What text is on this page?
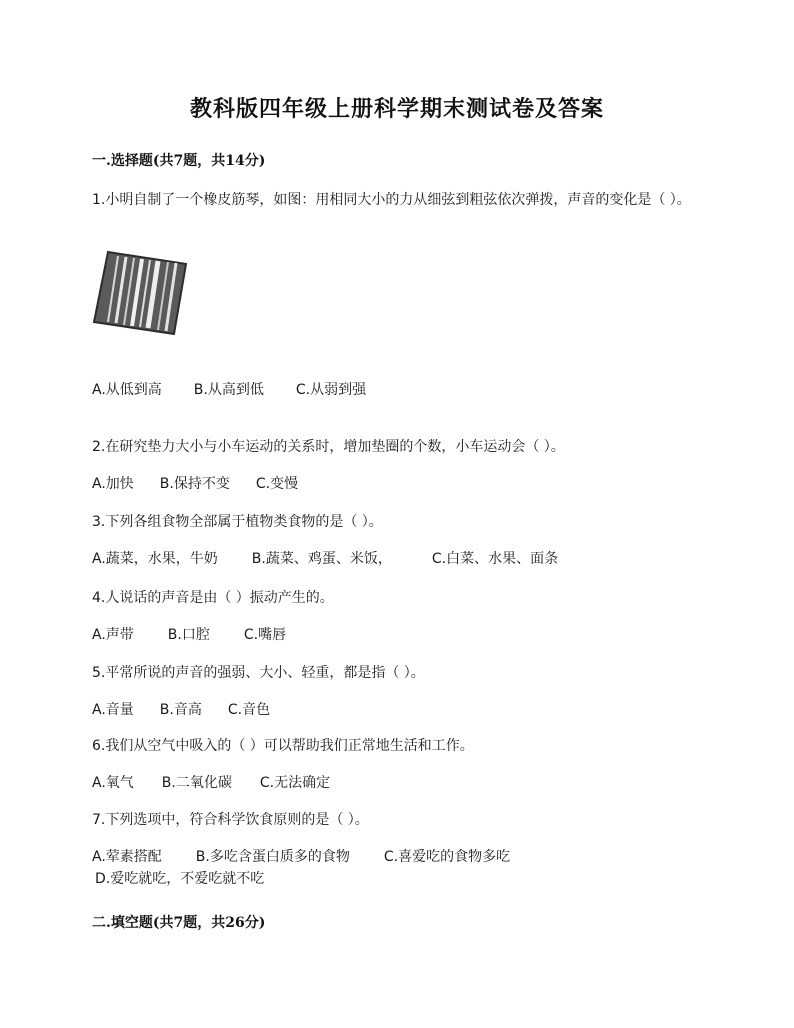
教科版四年级上册科学期末测试卷及答案
一.选择题(共7题，共14分)
1.小明自制了一个橡皮筋琴，如图：用相同大小的力从细弦到粗弦依次弹拨，声音的变化是（ ）。
A.从低到高 B.从高到低 C.从弱到强
2.在研究垫力大小与小车运动的关系时，增加垫圈的个数，小车运动会（ ）。
A.加快 B.保持不变 C.变慢
3.下列各组食物全部属于植物类食物的是（ ）。
A.蔬菜，水果，牛奶 B.蔬菜、鸡蛋、米饭，	C.白菜、水果、面条
4.人说话的声音是由（ ）振动产生的。
A.声带 B.口腔 C.嘴唇
5.平常所说的声音的强弱、大小、轻重，都是指（ ）。
A.音量 B.音高 C.音色
6.我们从空气中吸入的（ ）可以帮助我们正常地生活和工作。
A.氧气 B.二氧化碳 C.无法确定
7.下列选项中，符合科学饮食原则的是（ ）。
A.荤素搭配 B.多吃含蛋白质多的食物 C.喜爱吃的食物多吃
D.爱吃就吃，不爱吃就不吃
二.填空题(共7题，共26分)
